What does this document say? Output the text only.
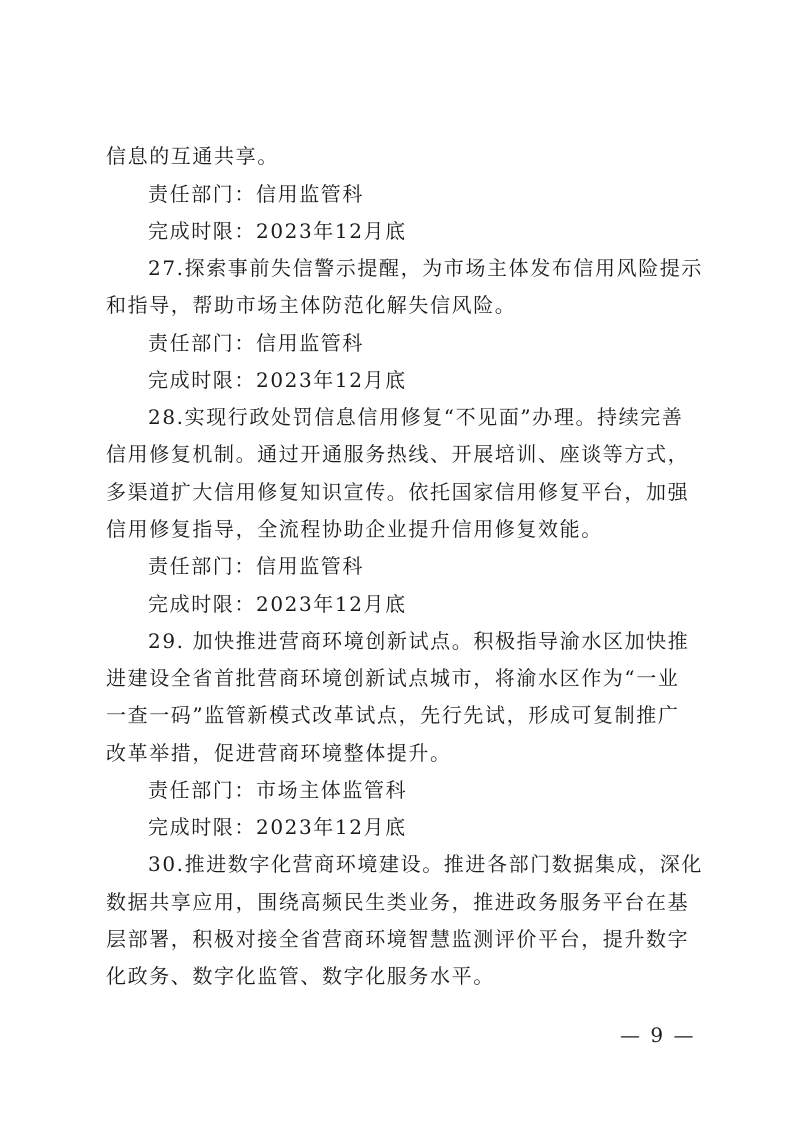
信息的互通共享。
责任部门：信用监管科
完成时限：2023年12月底
27.探索事前失信警示提醒，为市场主体发布信用风险提示
和指导，帮助市场主体防范化解失信风险。
责任部门：信用监管科
完成时限：2023年12月底
28.实现行政处罚信息信用修复“不见面”办理。持续完善
信用修复机制。通过开通服务热线、开展培训、座谈等方式，
多渠道扩大信用修复知识宣传。依托国家信用修复平台，加强
信用修复指导，全流程协助企业提升信用修复效能。
责任部门：信用监管科
完成时限：2023年12月底
29. 加快推进营商环境创新试点。积极指导渝水区加快推
进建设全省首批营商环境创新试点城市，将渝水区作为“一业
一查一码”监管新模式改革试点，先行先试，形成可复制推广
改革举措，促进营商环境整体提升。
责任部门：市场主体监管科
完成时限：2023年12月底
30.推进数字化营商环境建设。推进各部门数据集成，深化
数据共享应用，围绕高频民生类业务，推进政务服务平台在基
层部署，积极对接全省营商环境智慧监测评价平台，提升数字
化政务、数字化监管、数字化服务水平。
— 9 —
